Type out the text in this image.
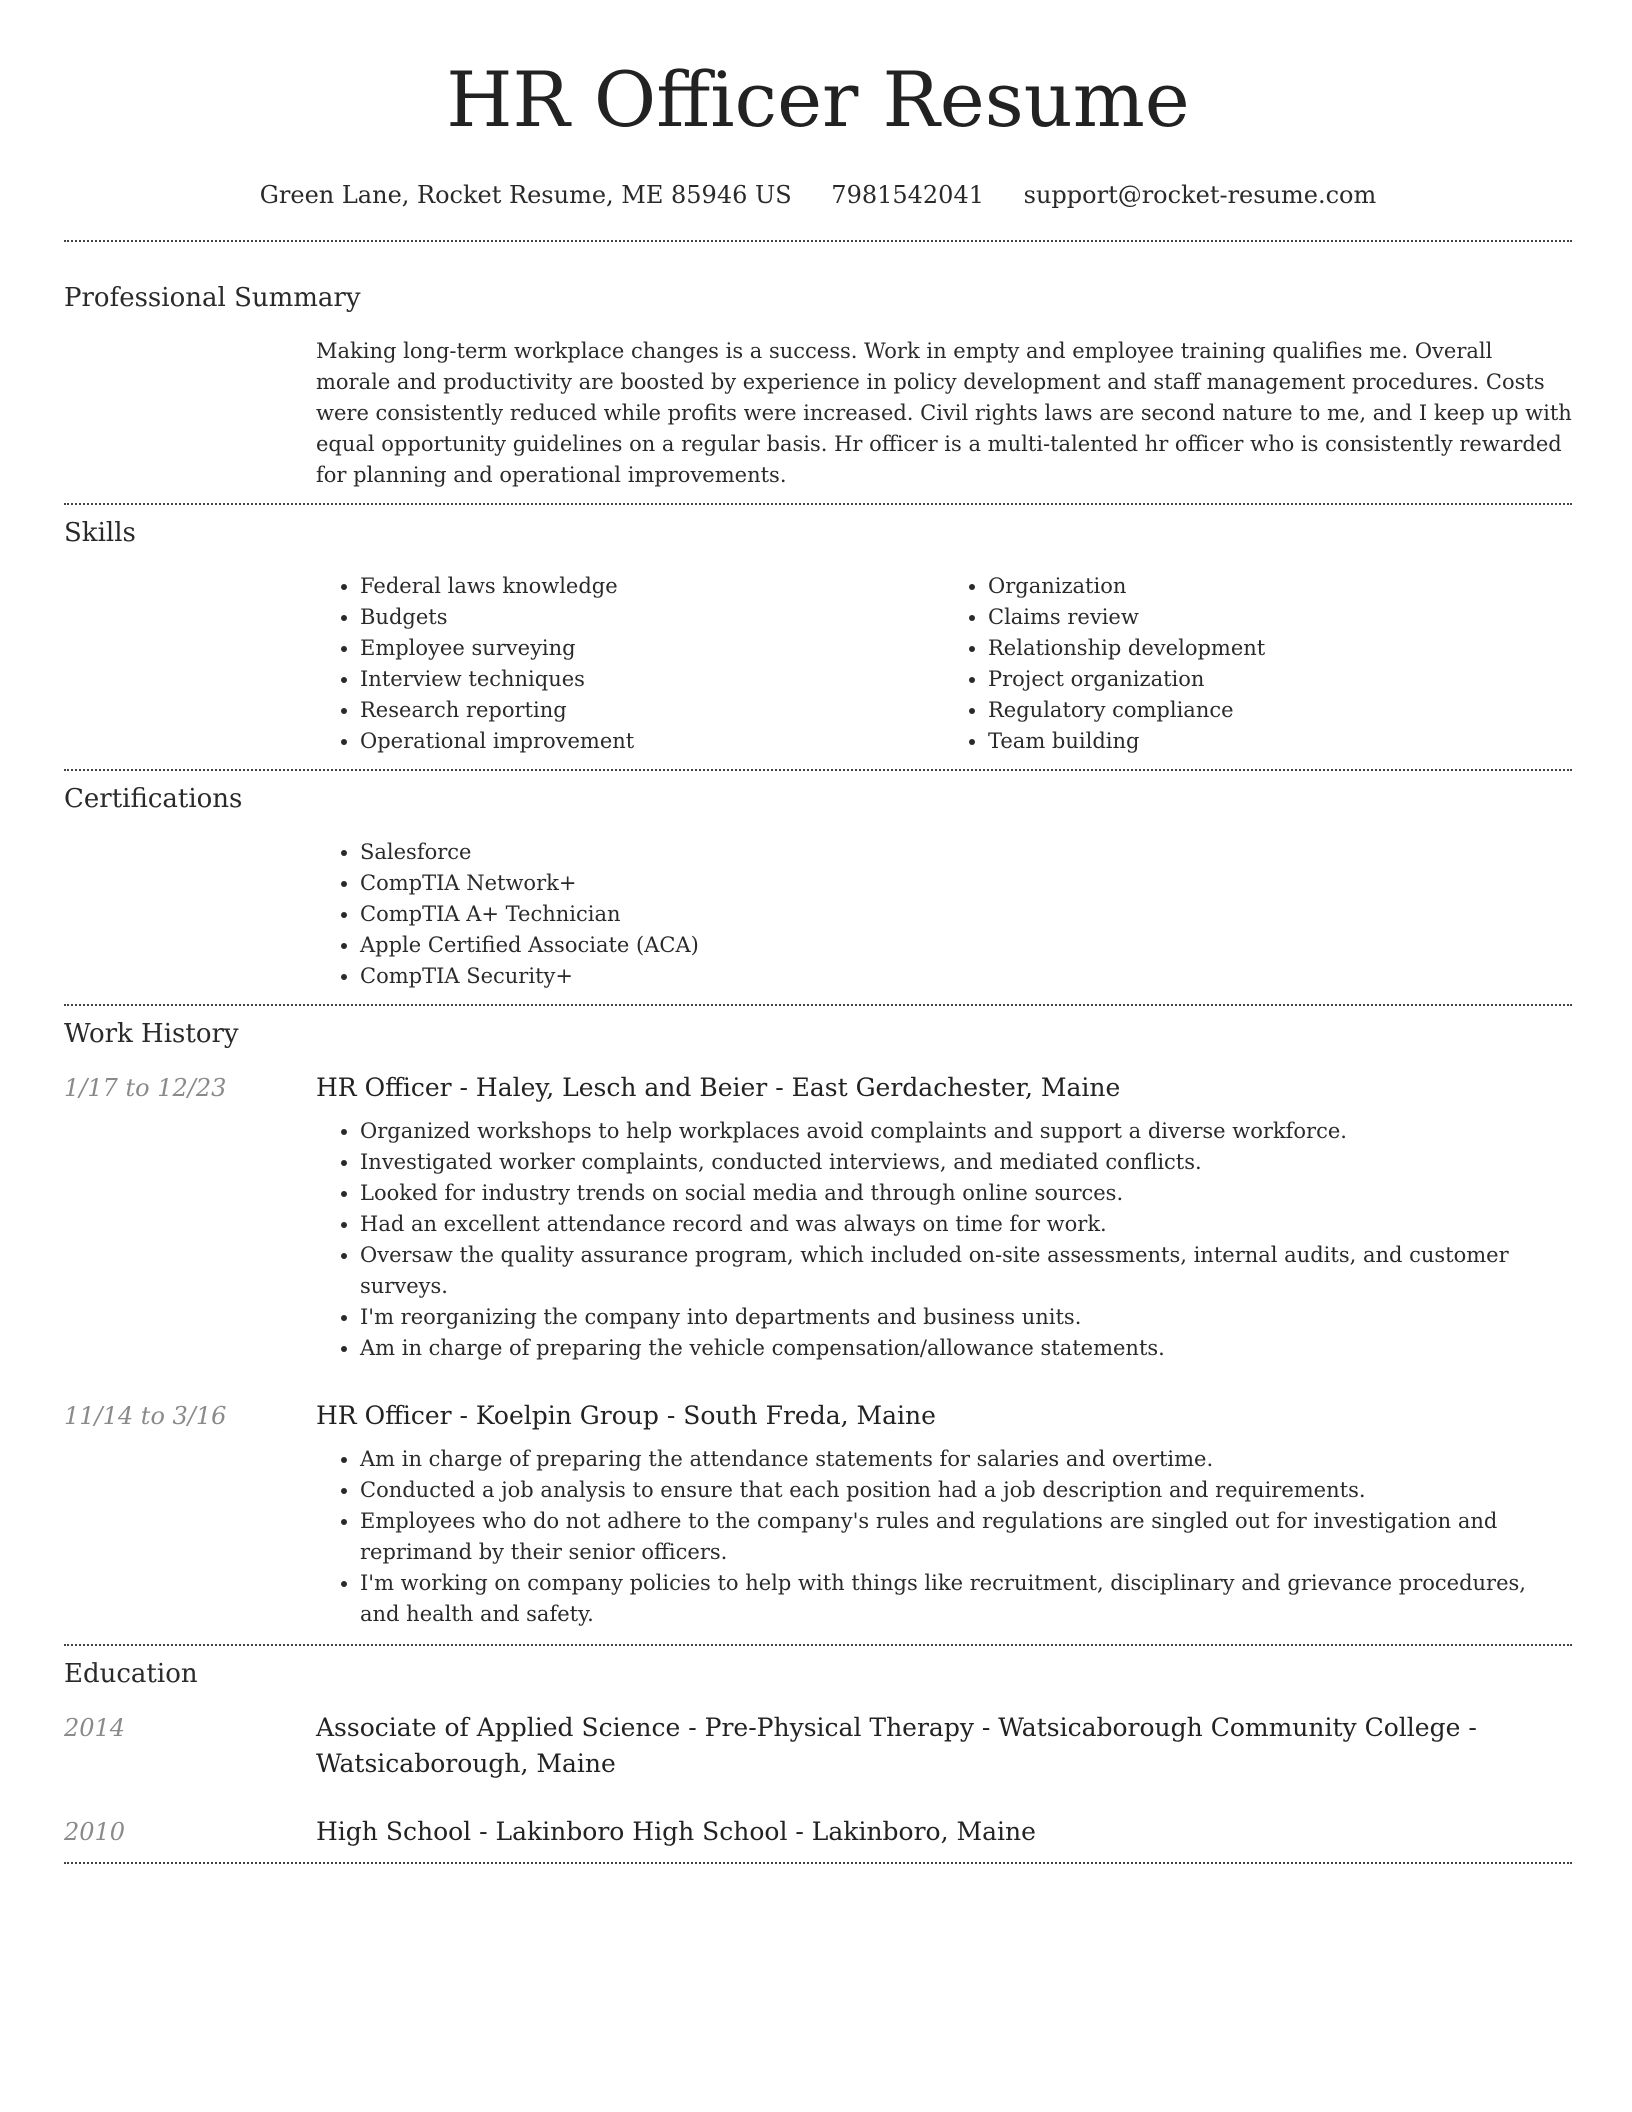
HR Officer Resume
Green Lane, Rocket Resume, ME 85946 US 7981542041 support@rocket-resume.com
Professional Summary
Making long-term workplace changes is a success. Work in empty and employee training qualifies me. Overall morale and productivity are boosted by experience in policy development and staff management procedures. Costs were consistently reduced while profits were increased. Civil rights laws are second nature to me, and I keep up with equal opportunity guidelines on a regular basis. Hr officer is a multi-talented hr officer who is consistently rewarded for planning and operational improvements.
Skills
• Federal laws knowledge
• Budgets
• Employee surveying
• Interview techniques
• Research reporting
• Operational improvement
• Organization
• Claims review
• Relationship development
• Project organization
• Regulatory compliance
• Team building
Certifications
• Salesforce
• CompTIA Network+
• CompTIA A+ Technician
• Apple Certified Associate (ACA)
• CompTIA Security+
Work History
1/17 to 12/23	HR Officer - Haley, Lesch and Beier - East Gerdachester, Maine
• Organized workshops to help workplaces avoid complaints and support a diverse workforce.
• Investigated worker complaints, conducted interviews, and mediated conflicts.
• Looked for industry trends on social media and through online sources.
• Had an excellent attendance record and was always on time for work.
• Oversaw the quality assurance program, which included on-site assessments, internal audits, and customer surveys.
• I'm reorganizing the company into departments and business units.
• Am in charge of preparing the vehicle compensation/allowance statements.
11/14 to 3/16	HR Officer - Koelpin Group - South Freda, Maine
• Am in charge of preparing the attendance statements for salaries and overtime.
• Conducted a job analysis to ensure that each position had a job description and requirements.
• Employees who do not adhere to the company's rules and regulations are singled out for investigation and reprimand by their senior officers.
• I'm working on company policies to help with things like recruitment, disciplinary and grievance procedures, and health and safety.
Education
2014	Associate of Applied Science - Pre-Physical Therapy - Watsicaborough Community College - Watsicaborough, Maine
2010	High School - Lakinboro High School - Lakinboro, Maine
